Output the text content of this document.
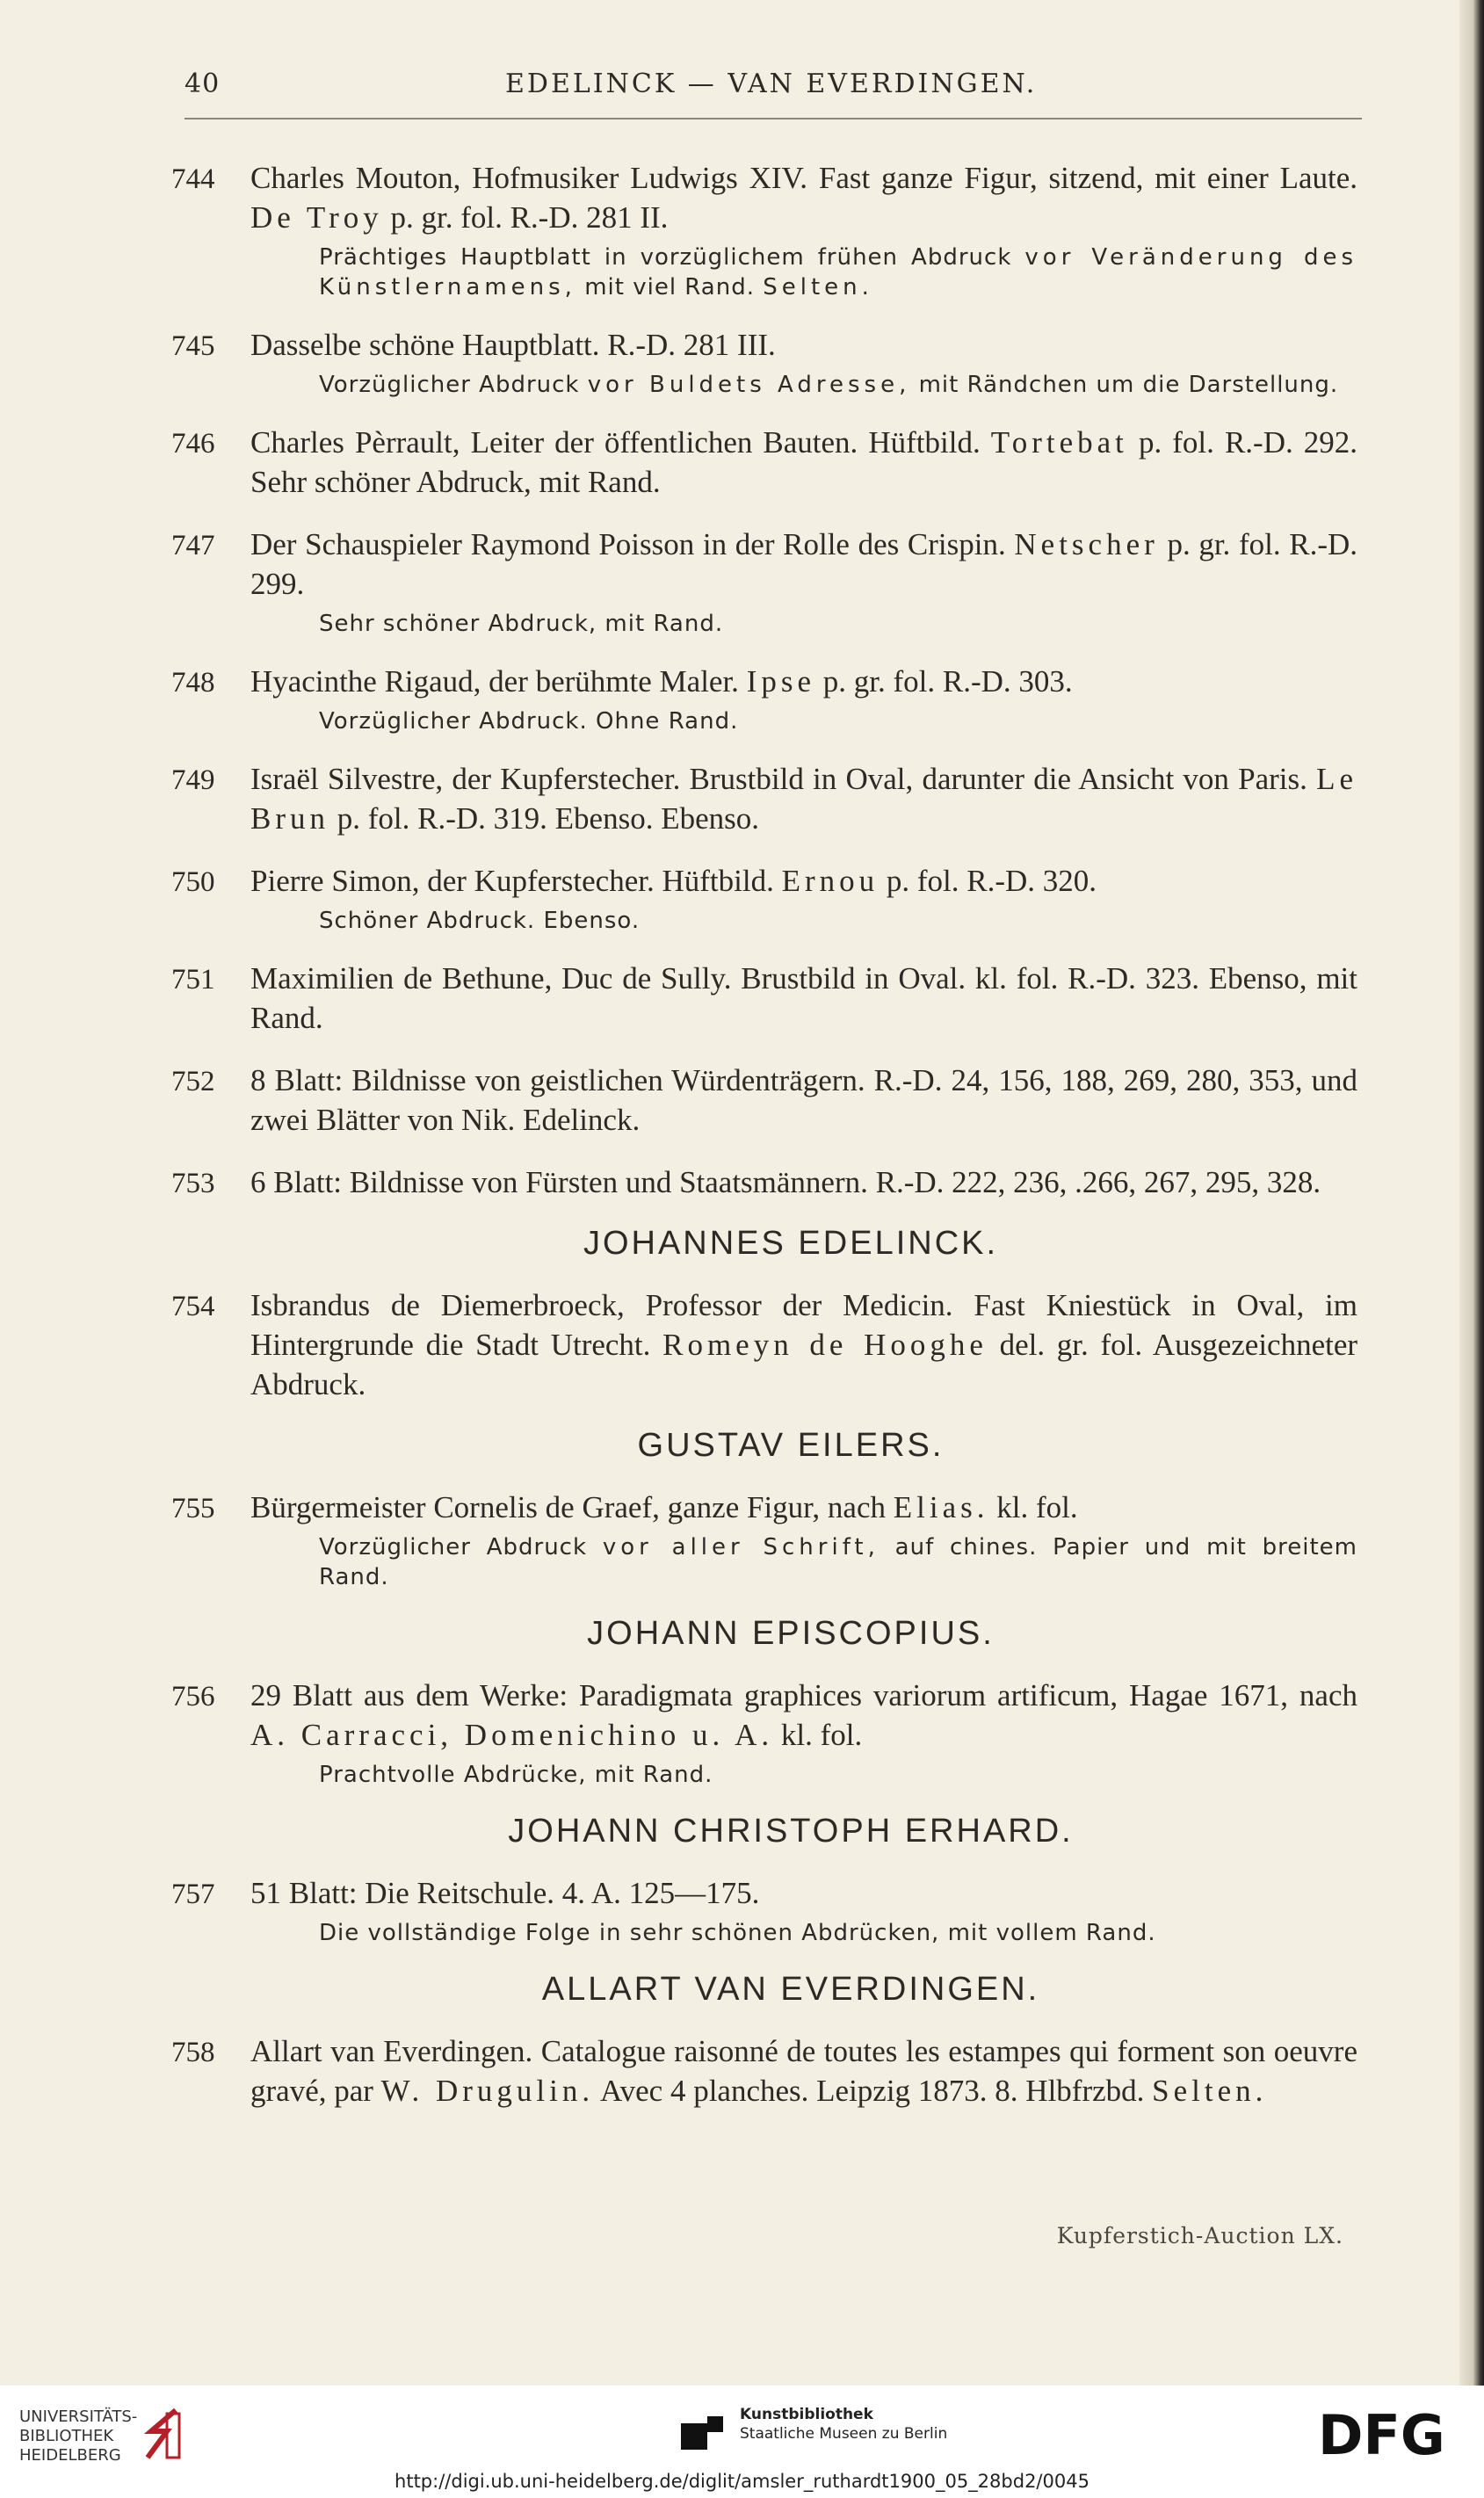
40	EDELINCK — VAN EVERDINGEN.
744	Charles Mouton, Hofmusiker Ludwigs XIV. Fast ganze Figur, sitzend, mit einer Laute. De Troy p. gr. fol. R.-D. 281 II.
Prächtiges Hauptblatt in vorzüglichem frühen Abdruck vor Veränderung des Künstlernamens, mit viel Rand. Selten.
745	Dasselbe schöne Hauptblatt. R.-D. 281 III.
Vorzüglicher Abdruck vor Buldets Adresse, mit Rändchen um die Darstellung.
746	Charles Pèrrault, Leiter der öffentlichen Bauten. Hüftbild. Tortebat p. fol. R.-D. 292. Sehr schöner Abdruck, mit Rand.
747	Der Schauspieler Raymond Poisson in der Rolle des Crispin. Netscher p. gr. fol. R.-D. 299.
Sehr schöner Abdruck, mit Rand.
748	Hyacinthe Rigaud, der berühmte Maler. Ipse p. gr. fol. R.-D. 303.
Vorzüglicher Abdruck. Ohne Rand.
749	Israël Silvestre, der Kupferstecher. Brustbild in Oval, darunter die Ansicht von Paris. Le Brun p. fol. R.-D. 319. Ebenso. Ebenso.
750	Pierre Simon, der Kupferstecher. Hüftbild. Ernou p. fol. R.-D. 320.
Schöner Abdruck. Ebenso.
751	Maximilien de Bethune, Duc de Sully. Brustbild in Oval. kl. fol. R.-D. 323. Ebenso, mit Rand.
752	8 Blatt: Bildnisse von geistlichen Würdenträgern. R.-D. 24, 156, 188, 269, 280, 353, und zwei Blätter von Nik. Edelinck.
753	6 Blatt: Bildnisse von Fürsten und Staatsmännern. R.-D. 222, 236, .266, 267, 295, 328.
JOHANNES EDELINCK.
754	Isbrandus de Diemerbroeck, Professor der Medicin. Fast Kniestück in Oval, im Hintergrunde die Stadt Utrecht. Romeyn de Hooghe del. gr. fol. Ausgezeichneter Abdruck.
GUSTAV EILERS.
755	Bürgermeister Cornelis de Graef, ganze Figur, nach Elias. kl. fol.
Vorzüglicher Abdruck vor aller Schrift, auf chines. Papier und mit breitem Rand.
JOHANN EPISCOPIUS.
756	29 Blatt aus dem Werke: Paradigmata graphices variorum artificum, Hagae 1671, nach A. Carracci, Domenichino u. A. kl. fol.
Prachtvolle Abdrücke, mit Rand.
JOHANN CHRISTOPH ERHARD.
757	51 Blatt: Die Reitschule. 4. A. 125—175.
Die vollständige Folge in sehr schönen Abdrücken, mit vollem Rand.
ALLART VAN EVERDINGEN.
758	Allart van Everdingen. Catalogue raisonné de toutes les estampes qui forment son oeuvre gravé, par W. Drugulin. Avec 4 planches. Leipzig 1873. 8. Hlbfrzbd. Selten.
Kupferstich-Auction LX.
UNIVERSITÄTS-
BIBLIOTHEK
HEIDELBERG
Kunstbibliothek
Staatliche Museen zu Berlin	DFG
http://digi.ub.uni-heidelberg.de/diglit/amsler_ruthardt1900_05_28bd2/0045
